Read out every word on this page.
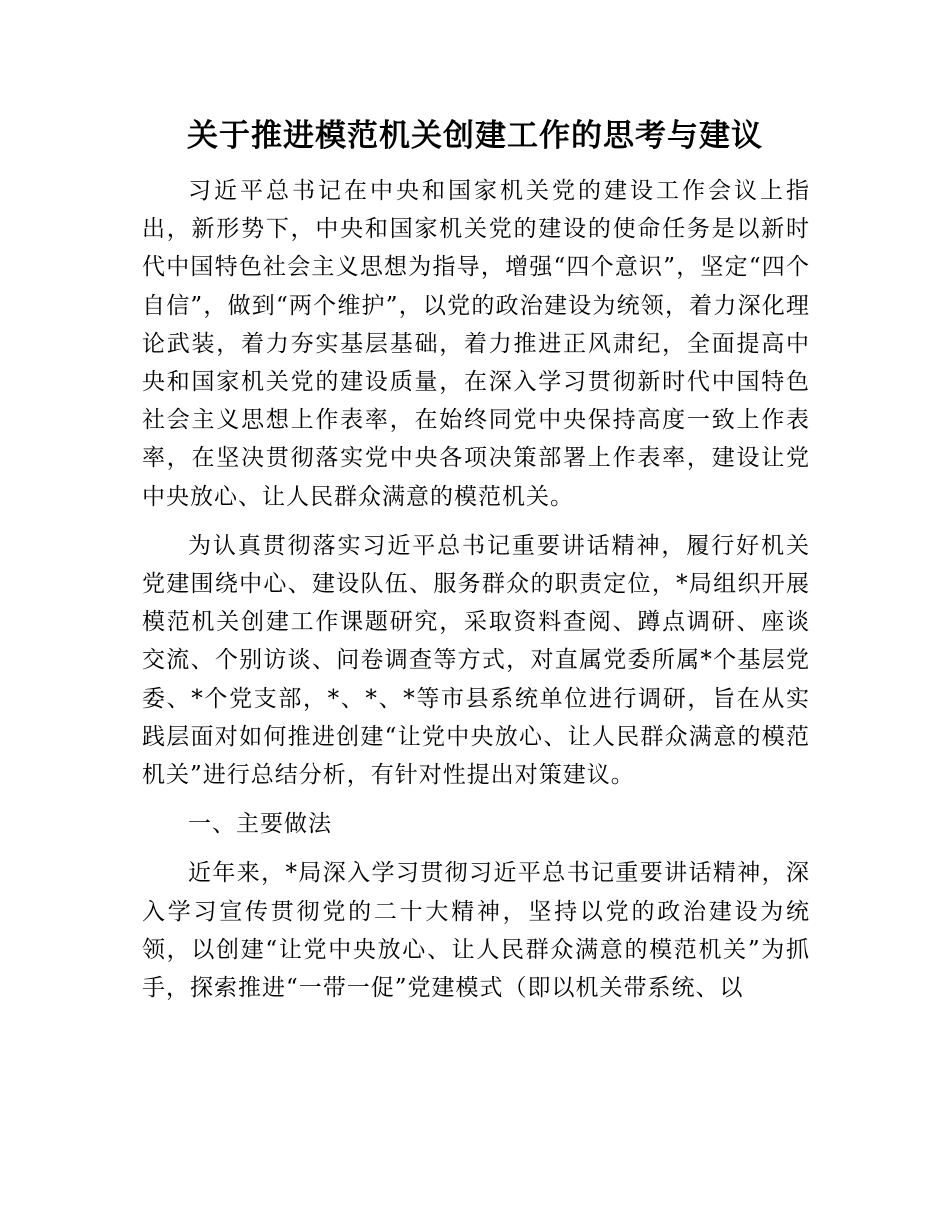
关于推进模范机关创建工作的思考与建议

习近平总书记在中央和国家机关党的建设工作会议上指出，新形势下，中央和国家机关党的建设的使命任务是以新时代中国特色社会主义思想为指导，增强“四个意识”，坚定“四个自信”，做到“两个维护”，以党的政治建设为统领，着力深化理论武装，着力夯实基层基础，着力推进正风肃纪，全面提高中央和国家机关党的建设质量，在深入学习贯彻新时代中国特色社会主义思想上作表率，在始终同党中央保持高度一致上作表率，在坚决贯彻落实党中央各项决策部署上作表率，建设让党中央放心、让人民群众满意的模范机关。

为认真贯彻落实习近平总书记重要讲话精神，履行好机关党建围绕中心、建设队伍、服务群众的职责定位，*局组织开展模范机关创建工作课题研究，采取资料查阅、蹲点调研、座谈交流、个别访谈、问卷调查等方式，对直属党委所属*个基层党委、*个党支部，*、*、*等市县系统单位进行调研，旨在从实践层面对如何推进创建“让党中央放心、让人民群众满意的模范机关”进行总结分析，有针对性提出对策建议。

一、主要做法

近年来，*局深入学习贯彻习近平总书记重要讲话精神，深入学习宣传贯彻党的二十大精神，坚持以党的政治建设为统领，以创建“让党中央放心、让人民群众满意的模范机关”为抓手，探索推进“一带一促”党建模式（即以机关带系统、以
